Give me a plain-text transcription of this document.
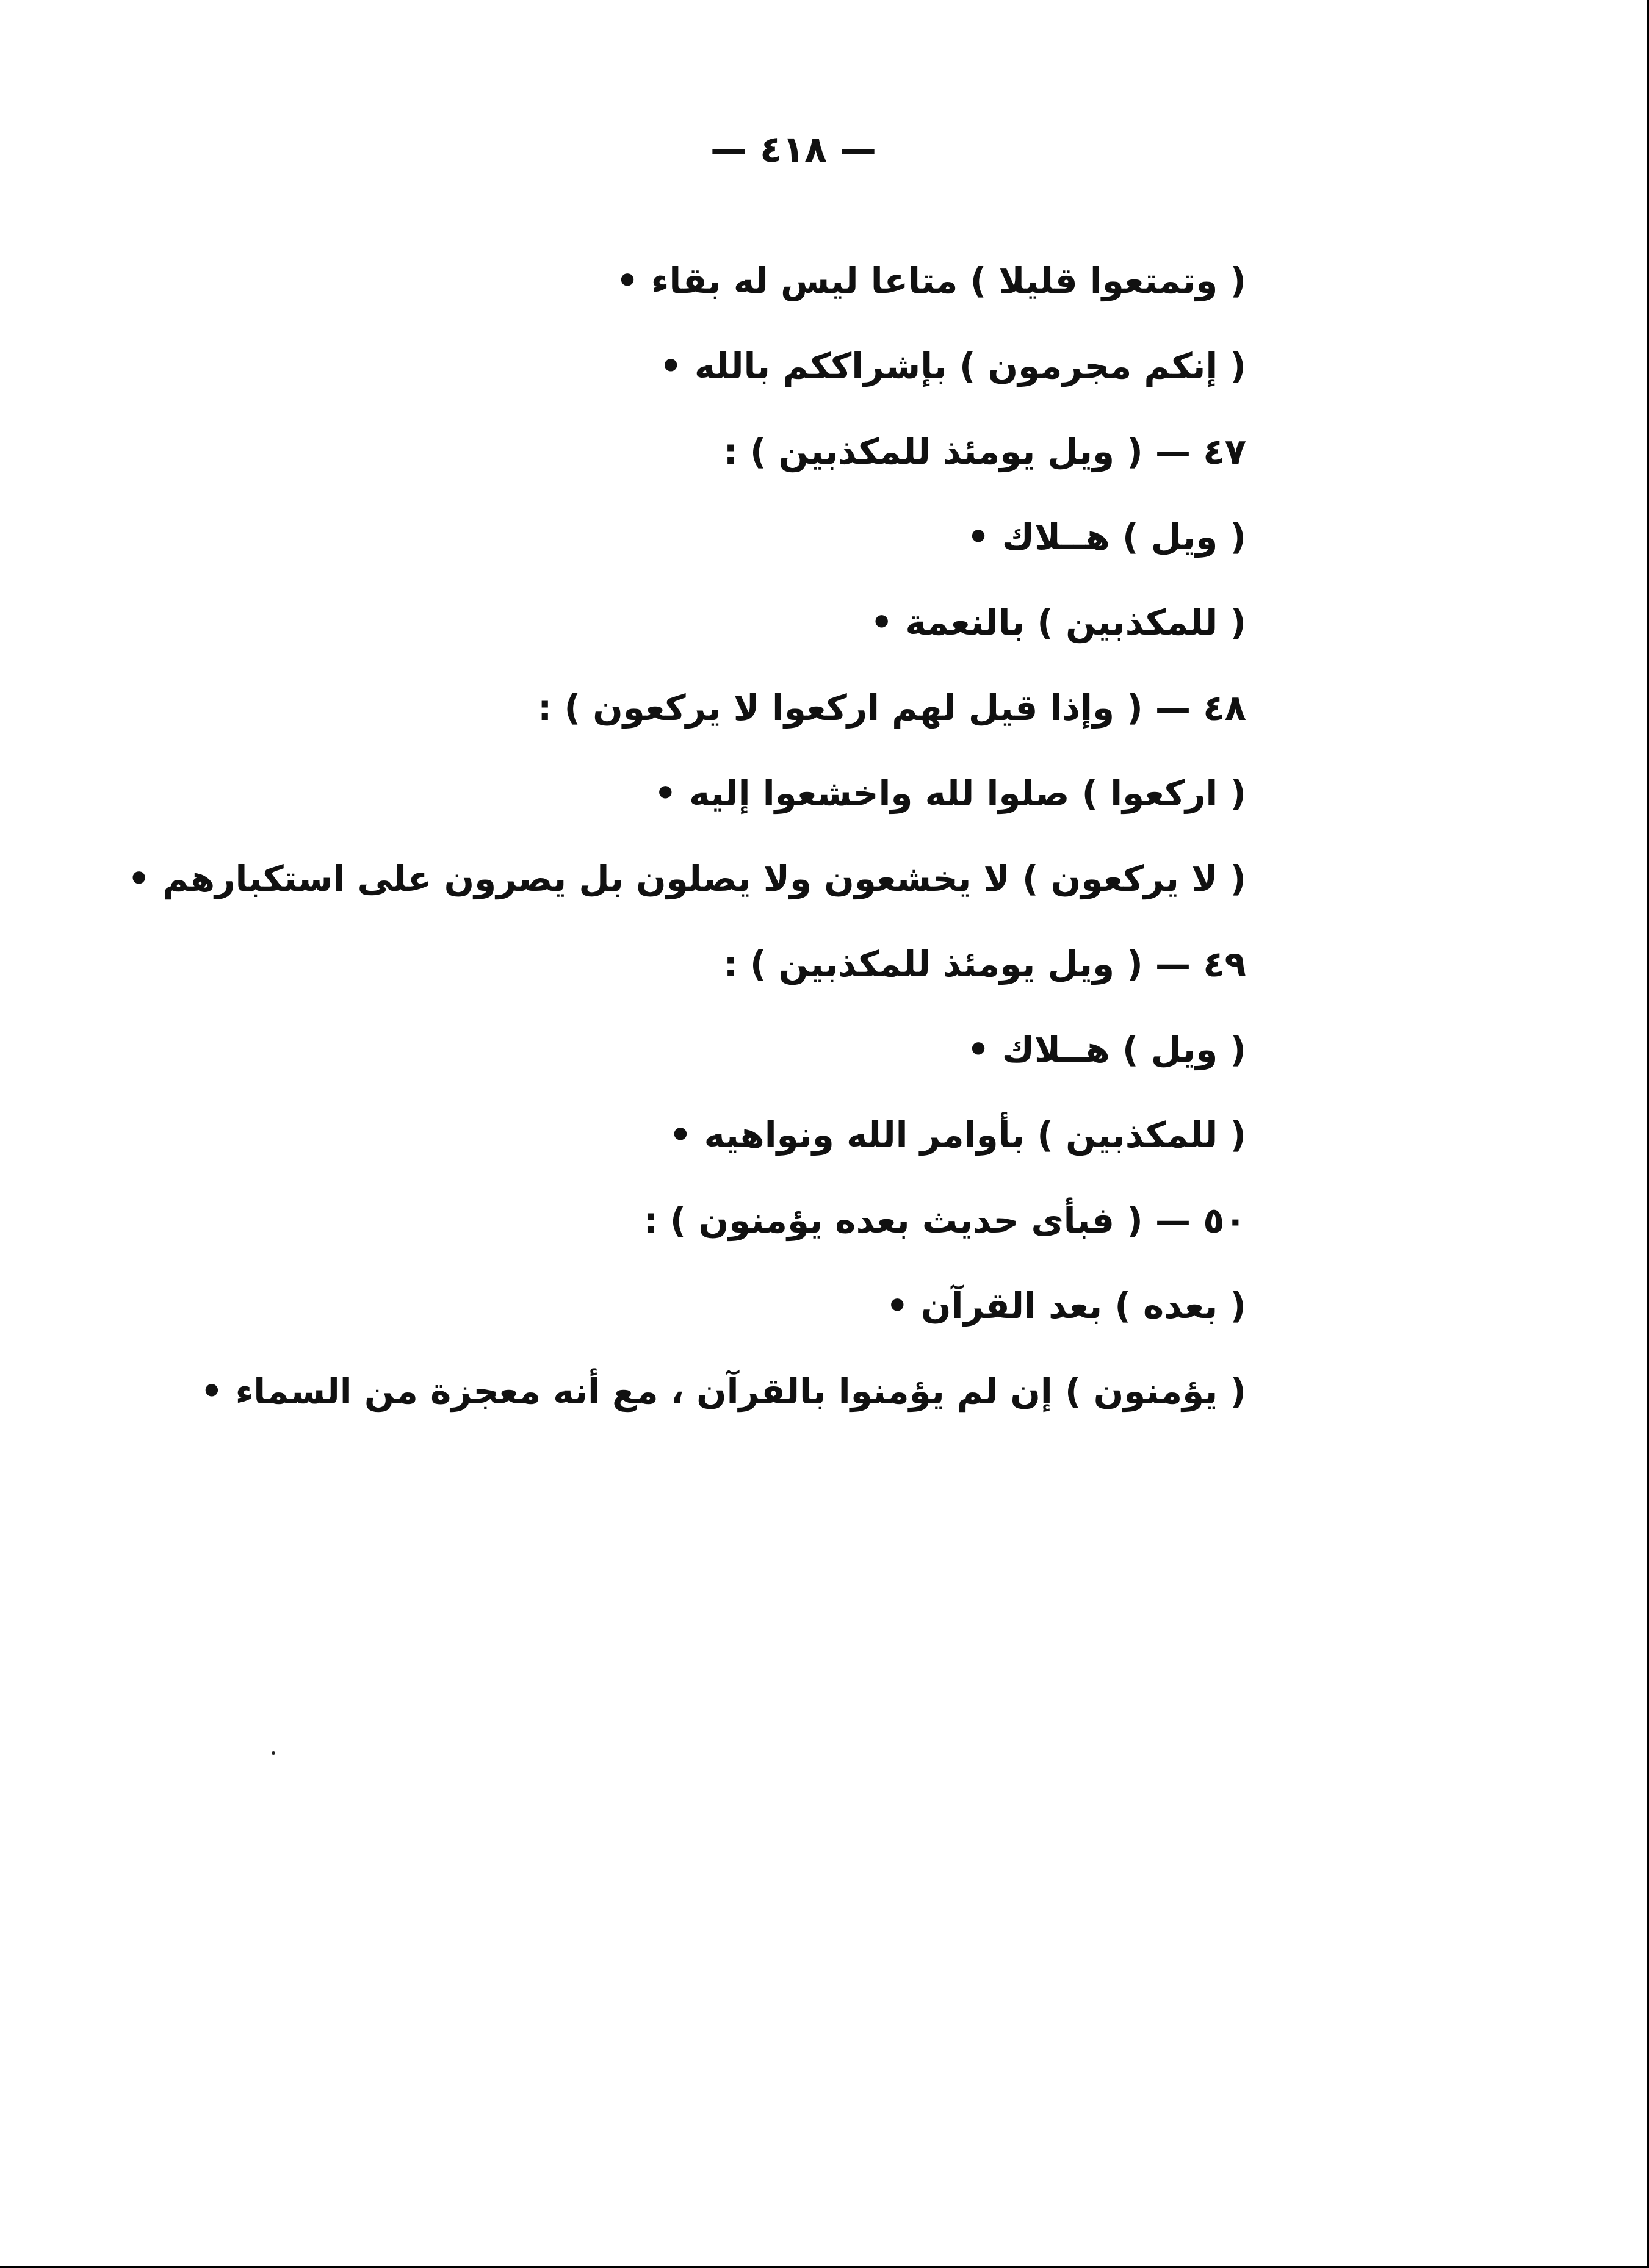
— ٤١٨ —
( وتمتعوا قليلا ) متاعا ليس له بقاء •
( إنكم مجرمون ) بإشراككم بالله •
٤٧ — ( ويل يومئذ للمكذبين ) :
( ويل ) هــلاك •
( للمكذبين ) بالنعمة •
٤٨ — ( وإذا قيل لهم اركعوا لا يركعون ) :
( اركعوا ) صلوا لله واخشعوا إليه •
( لا يركعون ) لا يخشعون ولا يصلون بل يصرون على استكبارهم •
٤٩ — ( ويل يومئذ للمكذبين ) :
( ويل ) هــلاك •
( للمكذبين ) بأوامر الله ونواهيه •
٥٠ — ( فبأى حديث بعده يؤمنون ) :
( بعده ) بعد القرآن •
( يؤمنون ) إن لم يؤمنوا بالقرآن ، مع أنه معجزة من السماء •
